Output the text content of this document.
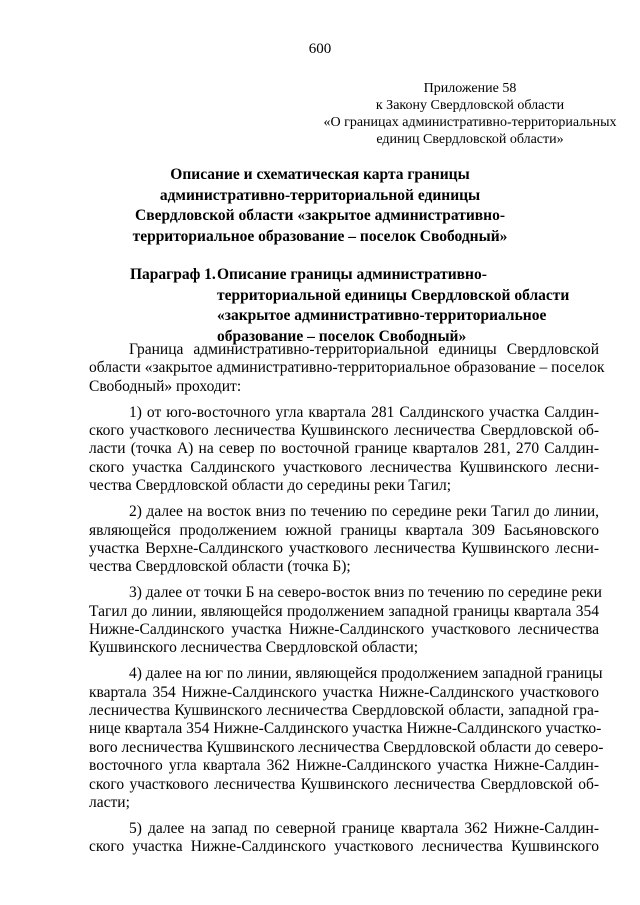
600
Приложение 58
к Закону Свердловской области
«О границах административно-территориальных
единиц Свердловской области»
Описание и схематическая карта границы
административно-территориальной единицы
Свердловской области «закрытое административно-
территориальное образование – поселок Свободный»
Параграф 1. Описание границы административно-
территориальной единицы Свердловской области
«закрытое административно-территориальное
образование – поселок Свободный»
Граница административно-территориальной единицы Свердловской
области «закрытое административно-территориальное образование – поселок
Свободный» проходит:
1) от юго-восточного угла квартала 281 Салдинского участка Салдин-
ского участкового лесничества Кушвинского лесничества Свердловской об-
ласти (точка А) на север по восточной границе кварталов 281, 270 Салдин-
ского участка Салдинского участкового лесничества Кушвинского лесни-
чества Свердловской области до середины реки Тагил;
2) далее на восток вниз по течению по середине реки Тагил до линии,
являющейся продолжением южной границы квартала 309 Басьяновского
участка Верхне-Салдинского участкового лесничества Кушвинского лесни-
чества Свердловской области (точка Б);
3) далее от точки Б на северо-восток вниз по течению по середине реки
Тагил до линии, являющейся продолжением западной границы квартала 354
Нижне-Салдинского участка Нижне-Салдинского участкового лесничества
Кушвинского лесничества Свердловской области;
4) далее на юг по линии, являющейся продолжением западной границы
квартала 354 Нижне-Салдинского участка Нижне-Салдинского участкового
лесничества Кушвинского лесничества Свердловской области, западной гра-
нице квартала 354 Нижне-Салдинского участка Нижне-Салдинского участко-
вого лесничества Кушвинского лесничества Свердловской области до северо-
восточного угла квартала 362 Нижне-Салдинского участка Нижне-Салдин-
ского участкового лесничества Кушвинского лесничества Свердловской об-
ласти;
5) далее на запад по северной границе квартала 362 Нижне-Салдин-
ского участка Нижне-Салдинского участкового лесничества Кушвинского
